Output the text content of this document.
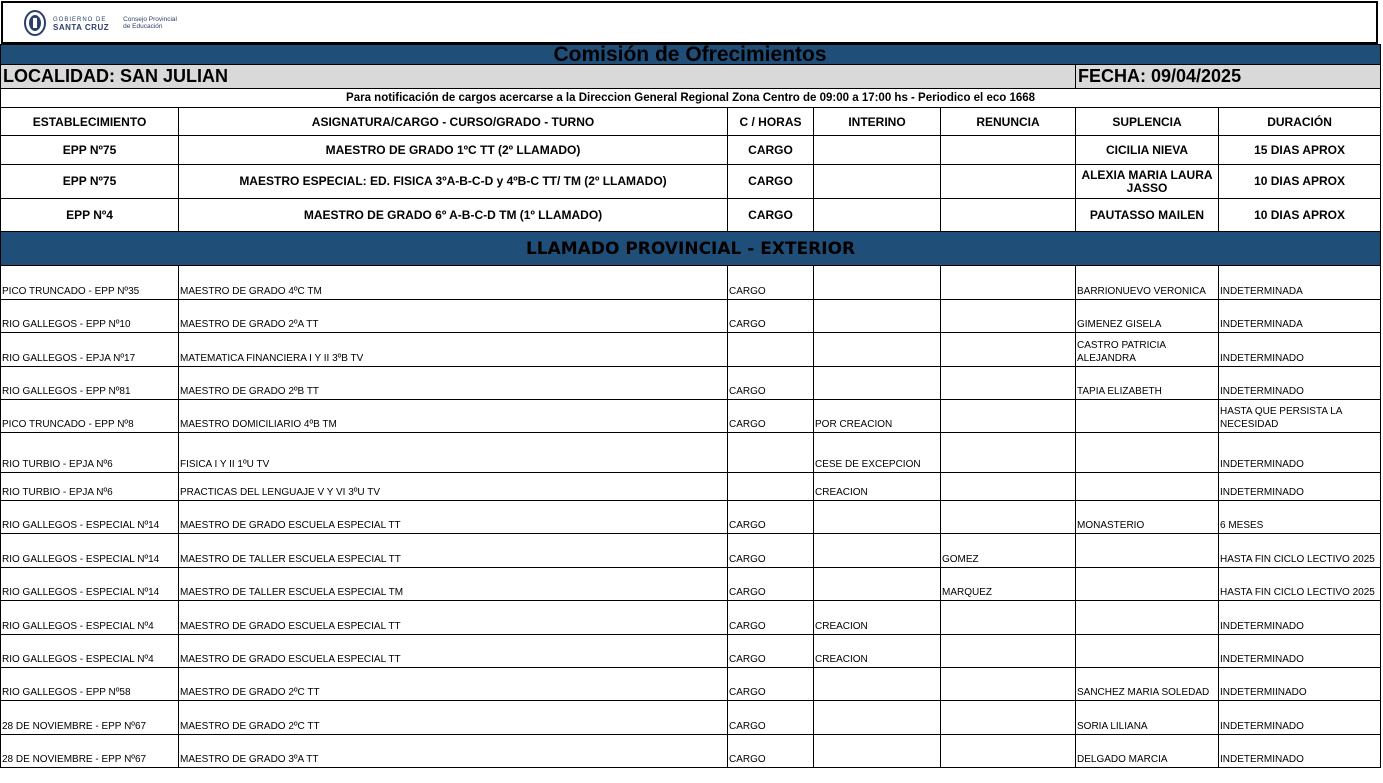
GOBIERNO DE
SANTA CRUZ
Consejo Provincial
de Educación

LOCALIDAD: SAN JULIAN					FECHA: 09/04/2025	
Para notificación de cargos acercarse a la Direccion General Regional Zona Centro de 09:00 a 17:00 hs - Periodico el eco 1668						
ESTABLECIMIENTO	ASIGNATURA/CARGO - CURSO/GRADO - TURNO	C / HORAS	INTERINO	RENUNCIA	SUPLENCIA	DURACIÓN
EPP Nº75	MAESTRO DE GRADO 1ºC TT (2º LLAMADO)	CARGO			CICILIA NIEVA	15 DIAS APROX
EPP Nº75	MAESTRO ESPECIAL: ED. FISICA 3ºA-B-C-D y 4ºB-C TT/ TM (2º LLAMADO)	CARGO			ALEXIA MARIA LAURA JASSO	10 DIAS APROX
EPP Nº4	MAESTRO DE GRADO 6º A-B-C-D TM (1º LLAMADO)	CARGO			PAUTASSO MAILEN	10 DIAS APROX
LLAMADO PROVINCIAL - EXTERIOR						
PICO TRUNCADO - EPP Nº35	MAESTRO DE GRADO 4ºC TM	CARGO			BARRIONUEVO VERONICA	INDETERMINADA
RIO GALLEGOS - EPP Nº10	MAESTRO DE GRADO 2ºA TT	CARGO			GIMENEZ GISELA	INDETERMINADA
RIO GALLEGOS - EPJA Nº17	MATEMATICA FINANCIERA I Y II 3ºB TV				CASTRO PATRICIA ALEJANDRA	INDETERMINADO
RIO GALLEGOS - EPP Nº81	MAESTRO DE GRADO 2ºB TT	CARGO			TAPIA ELIZABETH	INDETERMINADO
PICO TRUNCADO - EPP Nº8	MAESTRO DOMICILIARIO 4ºB TM	CARGO	POR CREACION			HASTA QUE PERSISTA LA NECESIDAD
RIO TURBIO - EPJA Nº6	FISICA I Y II 1ºU TV		CESE DE EXCEPCION			INDETERMINADO
RIO TURBIO - EPJA Nº6	PRACTICAS DEL LENGUAJE V Y VI 3ºU TV		CREACION			INDETERMINADO
RIO GALLEGOS - ESPECIAL Nº14	MAESTRO DE GRADO ESCUELA ESPECIAL TT	CARGO			MONASTERIO	6 MESES
RIO GALLEGOS - ESPECIAL Nº14	MAESTRO DE TALLER ESCUELA ESPECIAL TT	CARGO		GOMEZ		HASTA FIN CICLO LECTIVO 2025
RIO GALLEGOS - ESPECIAL Nº14	MAESTRO DE TALLER ESCUELA ESPECIAL TM	CARGO		MARQUEZ		HASTA FIN CICLO LECTIVO 2025
RIO GALLEGOS - ESPECIAL Nº4	MAESTRO DE GRADO ESCUELA ESPECIAL TT	CARGO	CREACION			INDETERMINADO
RIO GALLEGOS - ESPECIAL Nº4	MAESTRO DE GRADO ESCUELA ESPECIAL TT	CARGO	CREACION			INDETERMINADO
RIO GALLEGOS - EPP Nº58	MAESTRO DE GRADO 2ºC TT	CARGO			SANCHEZ MARIA SOLEDAD	INDETERMIINADO
28 DE NOVIEMBRE - EPP Nº67	MAESTRO DE GRADO 2ºC TT	CARGO			SORIA LILIANA	INDETERMINADO
28 DE NOVIEMBRE - EPP Nº67	MAESTRO DE GRADO 3ºA TT	CARGO			DELGADO MARCIA	INDETERMINADO
Comisión de Ofrecimientos
